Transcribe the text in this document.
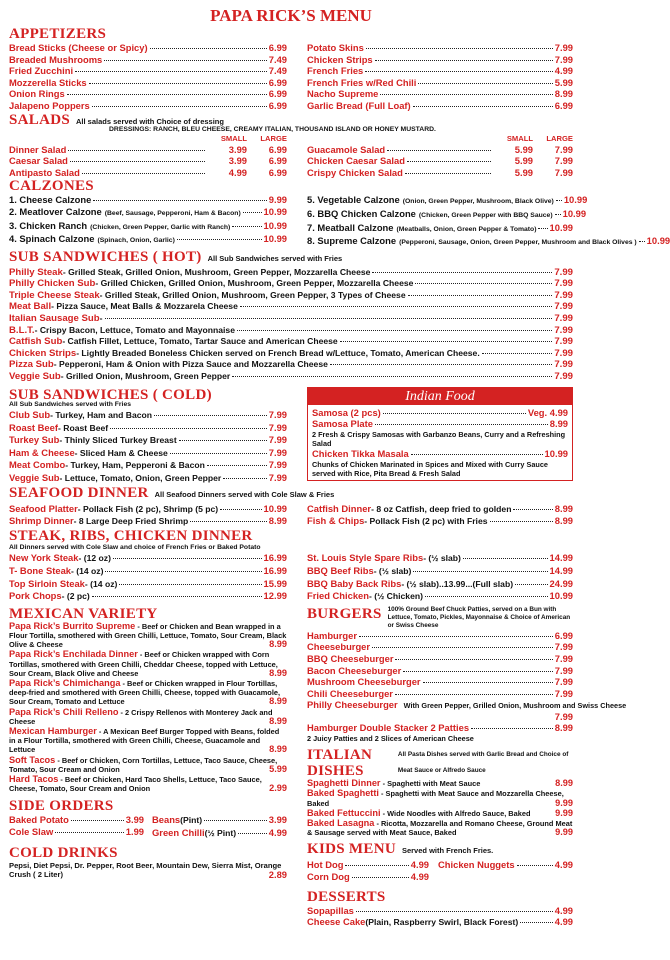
PAPA RICK’S MENU
APPETIZERS
Bread Sticks (Cheese or Spicy)	6.99
Breaded Mushrooms	7.49
Fried Zucchini	7.49
Mozzerella Sticks	6.99
Onion Rings	6.99
Jalapeno Poppers	6.99
Potato Skins	7.99
Chicken Strips	7.99
French Fries	4.99
French Fries w/Red Chili	5.99
Nacho Supreme	8.99
Garlic Bread (Full Loaf)	6.99
SALADS All salads served with Choice of dressing
DRESSINGS: RANCH, BLEU CHEESE, CREAMY ITALIAN, THOUSAND ISLAND OR HONEY MUSTARD.
SMALL	LARGE
Dinner Salad	3.99	6.99
Caesar Salad	3.99	6.99
Antipasto Salad	4.99	6.99
SMALL	LARGE
Guacamole Salad	5.99	7.99
Chicken Caesar Salad	5.99	7.99
Crispy Chicken Salad	5.99	7.99
CALZONES
1. Cheese Calzone	9.99
2. Meatlover Calzone (Beef, Sausage, Pepperoni, Ham & Bacon) 10.99
3. Chicken Ranch (Chicken, Green Pepper, Garlic with Ranch)	10.99
4. Spinach Calzone (Spinach, Onion, Garlic)	10.99
5. Vegetable Calzone (Onion, Green Pepper, Mushroom, Black Olive) 10.99
6. BBQ Chicken Calzone (Chicken, Green Pepper with BBQ Sauce) 10.99
7. Meatball Calzone (Meatballs, Onion, Green Pepper & Tomato) 10.99
8. Supreme Calzone (Pepperoni, Sausage, Onion, Green Pepper, Mushroom and Black Olives ) 10.99
SUB SANDWICHES ( HOT) All Sub Sandwiches served with Fries
Philly Steak - Grilled Steak, Grilled Onion, Mushroom, Green Pepper, Mozzarella Cheese	7.99
Philly Chicken Sub - Grilled Chicken, Grilled Onion, Mushroom, Green Pepper, Mozzarella Cheese	7.99
Triple Cheese Steak - Grilled Steak, Grilled Onion, Mushroom, Green Pepper, 3 Types of Cheese	7.99
Meat Ball - Pizza Sauce, Meat Balls & Mozzarela Cheese	7.99
Italian Sausage Sub -	7.99
B.L.T. - Crispy Bacon, Lettuce, Tomato and Mayonnaise	7.99
Catfish Sub - Catfish Fillet, Lettuce, Tomato, Tartar Sauce and American Cheese	7.99
Chicken Strips - Lightly Breaded Boneless Chicken served on French Bread w/Lettuce, Tomato, American Cheese.	7.99
Pizza Sub - Pepperoni, Ham & Onion with Pizza Sauce and Mozzarella Cheese	7.99
Veggie Sub - Grilled Onion, Mushroom, Green Pepper	7.99
SUB SANDWICHES ( COLD)
All Sub Sandwiches served with Fries
Club Sub - Turkey, Ham and Bacon	7.99
Roast Beef - Roast Beef	7.99
Turkey Sub - Thinly Sliced Turkey Breast	7.99
Ham & Cheese - Sliced Ham & Cheese	7.99
Meat Combo - Turkey, Ham, Pepperoni & Bacon	7.99
Veggie Sub - Lettuce, Tomato, Onion, Green Pepper	7.99
Indian Food
Samosa (2 pcs)	Veg. 4.99
Samosa Plate	8.99
2 Fresh & Crispy Samosas with Garbanzo Beans, Curry and a Refreshing Salad
Chicken Tikka Masala	10.99
Chunks of Chicken Marinated in Spices and Mixed with Curry Sauce served with Rice, Pita Bread & Fresh Salad
SEAFOOD DINNER All Seafood Dinners served with Cole Slaw & Fries
Seafood Platter - Pollack Fish (2 pc), Shrimp (5 pc)	10.99
Shrimp Dinner - 8 Large Deep Fried Shrimp	8.99
Catfish Dinner - 8 oz Catfish, deep fried to golden	8.99
Fish & Chips - Pollack Fish (2 pc) with Fries	8.99
STEAK, RIBS, CHICKEN DINNER
All Dinners served with Cole Slaw and choice of French Fries or Baked Potato
New York Steak - (12 oz)	16.99
T- Bone Steak - (14 oz)	16.99
Top Sirloin Steak - (14 oz)	15.99
Pork Chops - (2 pc)	12.99
St. Louis Style Spare Ribs - (½ slab)	14.99
BBQ Beef Ribs - (½ slab)	14.99
BBQ Baby Back Ribs - (½ slab)..13.99...(Full slab)	24.99
Fried Chicken - (½ Chicken)	10.99
MEXICAN VARIETY
Papa Rick’s Burrito Supreme - Beef or Chicken and Bean wrapped in a Flour Tortilla, smothered with Green Chilli, Lettuce, Tomato, Sour Cream, Black Olive & Cheese	8.99
Papa Rick’s Enchilada Dinner - Beef or Chicken wrapped with Corn Tortillas, smothered with Green Chilli, Cheddar Cheese, topped with Lettuce, Sour Cream, Black Olive and Cheese	8.99
Papa Rick’s Chimichanga - Beef or Chicken wrapped in Flour Tortillas, deep-fried and smothered with Green Chilli, Cheese, topped with Guacamole, Sour Cream, Tomato and Lettuce	8.99
Papa Rick’s Chili Relleno - 2 Crispy Rellenos with Monterey Jack and Cheese	8.99
Mexican Hamburger - A Mexican Beef Burger Topped with Beans, folded in a Flour Tortilla, smothered with Green Chilli, Cheese, Guacamole and Lettuce	8.99
Soft Tacos - Beef or Chicken, Corn Tortillas, Lettuce, Taco Sauce, Cheese, Tomato, Sour Cream and Onion	5.99
Hard Tacos - Beef or Chicken, Hard Taco Shells, Lettuce, Taco Sauce, Cheese, Tomato, Sour Cream and Onion	2.99
SIDE ORDERS
Baked Potato	3.99
Cole Slaw	1.99
Beans (Pint)	3.99
Green Chilli (½ Pint)	4.99
COLD DRINKS
Pepsi, Diet Pepsi, Dr. Pepper, Root Beer, Mountain Dew, Sierra Mist, Orange Crush ( 2 Liter)	2.89
BURGERS 100% Ground Beef Chuck Patties, served on a Bun with Lettuce, Tomato, Pickles, Mayonnaise & Choice of American or Swiss Cheese
Hamburger	6.99
Cheeseburger	7.99
BBQ Cheeseburger	7.99
Bacon Cheeseburger	7.99
Mushroom Cheeseburger	7.99
Chili Cheeseburger	7.99
Philly Cheeseburger With Green Pepper, Grilled Onion, Mushroom and Swiss Cheese
7.99
Hamburger Double Stacker 2 Patties	8.99
2 Juicy Patties and 2 Slices of American Cheese
ITALIAN DISHES
All Pasta Dishes served with Garlic Bread and Choice of Meat Sauce or Alfredo Sauce
Spaghetti Dinner - Spaghetti with Meat Sauce	8.99
Baked Spaghetti - Spaghetti with Meat Sauce and Mozzarella Cheese, Baked	9.99
Baked Fettuccini - Wide Noodles with Alfredo Sauce, Baked	9.99
Baked Lasagna - Ricotta, Mozzarella and Romano Cheese, Ground Meat & Sausage served with Meat Sauce, Baked	9.99
KIDS MENU Served with French Fries.
Hot Dog	4.99
Corn Dog	4.99
Chicken Nuggets	4.99
DESSERTS
Sopapillas	4.99
Cheese Cake (Plain, Raspberry Swirl, Black Forest)	4.99
